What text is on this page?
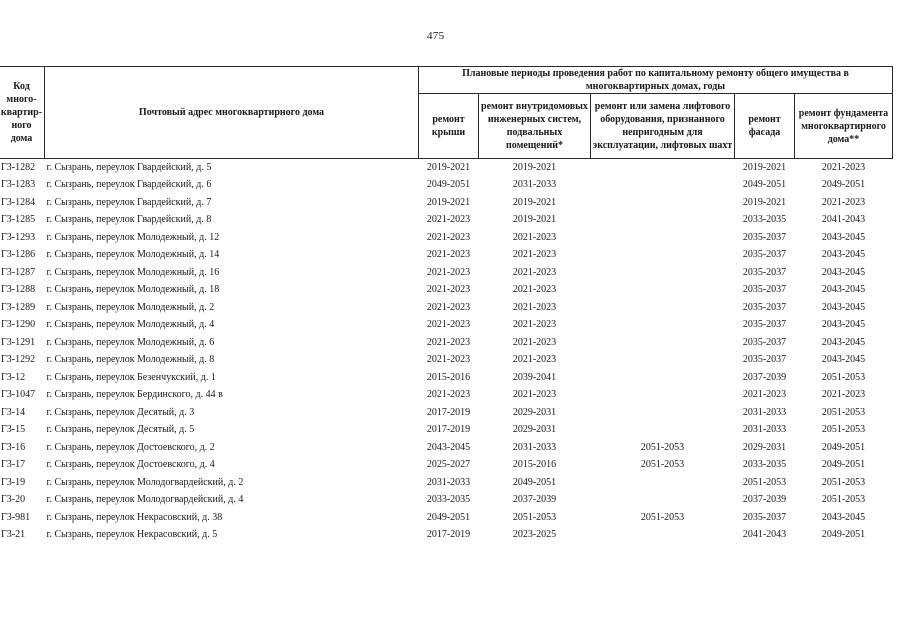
475
Код много-квартир-ного дома	Почтовый адрес многоквартирного дома	Плановые периоды проведения работ по капитальному ремонту общего имущества в многоквартирных домах, годы				
		ремонт крыши	ремонт внутридомовых инженерных систем, подвальных помещений*	ремонт или замена лифтового оборудования, признанного непригодным для эксплуатации, лифтовых шахт	ремонт фасада	ремонт фундамента многоквартирного дома**
Г3-1282	г. Сызрань, переулок Гвардейский, д. 5	2019-2021	2019-2021		2019-2021	2021-2023
Г3-1283	г. Сызрань, переулок Гвардейский, д. 6	2049-2051	2031-2033		2049-2051	2049-2051
Г3-1284	г. Сызрань, переулок Гвардейский, д. 7	2019-2021	2019-2021		2019-2021	2021-2023
Г3-1285	г. Сызрань, переулок Гвардейский, д. 8	2021-2023	2019-2021		2033-2035	2041-2043
Г3-1293	г. Сызрань, переулок Молодежный, д. 12	2021-2023	2021-2023		2035-2037	2043-2045
Г3-1286	г. Сызрань, переулок Молодежный, д. 14	2021-2023	2021-2023		2035-2037	2043-2045
Г3-1287	г. Сызрань, переулок Молодежный, д. 16	2021-2023	2021-2023		2035-2037	2043-2045
Г3-1288	г. Сызрань, переулок Молодежный, д. 18	2021-2023	2021-2023		2035-2037	2043-2045
Г3-1289	г. Сызрань, переулок Молодежный, д. 2	2021-2023	2021-2023		2035-2037	2043-2045
Г3-1290	г. Сызрань, переулок Молодежный, д. 4	2021-2023	2021-2023		2035-2037	2043-2045
Г3-1291	г. Сызрань, переулок Молодежный, д. 6	2021-2023	2021-2023		2035-2037	2043-2045
Г3-1292	г. Сызрань, переулок Молодежный, д. 8	2021-2023	2021-2023		2035-2037	2043-2045
Г3-12	г. Сызрань, переулок Безенчукский, д. 1	2015-2016	2039-2041		2037-2039	2051-2053
Г3-1047	г. Сызрань, переулок Бердинского, д. 44 в	2021-2023	2021-2023		2021-2023	2021-2023
Г3-14	г. Сызрань, переулок Десятый, д. 3	2017-2019	2029-2031		2031-2033	2051-2053
Г3-15	г. Сызрань, переулок Десятый, д. 5	2017-2019	2029-2031		2031-2033	2051-2053
Г3-16	г. Сызрань, переулок Достоевского, д. 2	2043-2045	2031-2033	2051-2053	2029-2031	2049-2051
Г3-17	г. Сызрань, переулок Достоевского, д. 4	2025-2027	2015-2016	2051-2053	2033-2035	2049-2051
Г3-19	г. Сызрань, переулок Молодогвардейский, д. 2	2031-2033	2049-2051		2051-2053	2051-2053
Г3-20	г. Сызрань, переулок Молодогвардейский, д. 4	2033-2035	2037-2039		2037-2039	2051-2053
Г3-981	г. Сызрань, переулок Некрасовский, д. 38	2049-2051	2051-2053	2051-2053	2035-2037	2043-2045
Г3-21	г. Сызрань, переулок Некрасовский, д. 5	2017-2019	2023-2025		2041-2043	2049-2051
